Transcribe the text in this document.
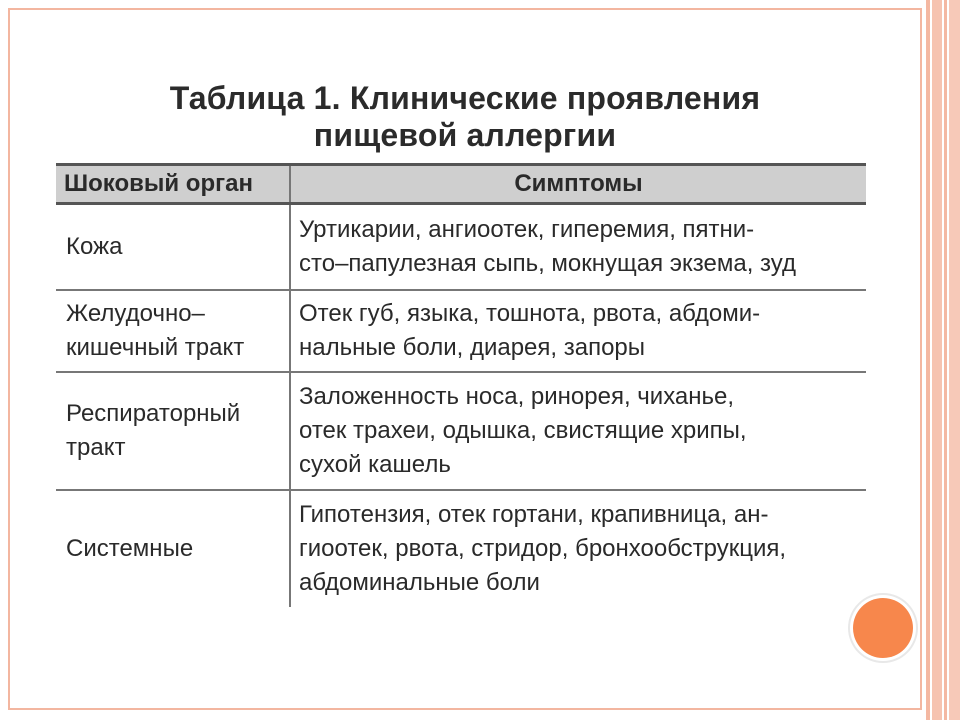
Таблица 1. Клинические проявления
пищевой аллергии
Шоковый орган	Симптомы

Кожа	Уртикарии, ангиоотек, гиперемия, пятни-
сто–папулезная сыпь, мокнущая экзема, зуд

Желудочно–
кишечный тракт	Отек губ, языка, тошнота, рвота, абдоми-
нальные боли, диарея, запоры

Респираторный
тракт	Заложенность носа, ринорея, чиханье,
отек трахеи, одышка, свистящие хрипы,
сухой кашель

Системные	Гипотензия, отек гортани, крапивница, ан-
гиоотек, рвота, стридор, бронхообструкция,
абдоминальные боли
